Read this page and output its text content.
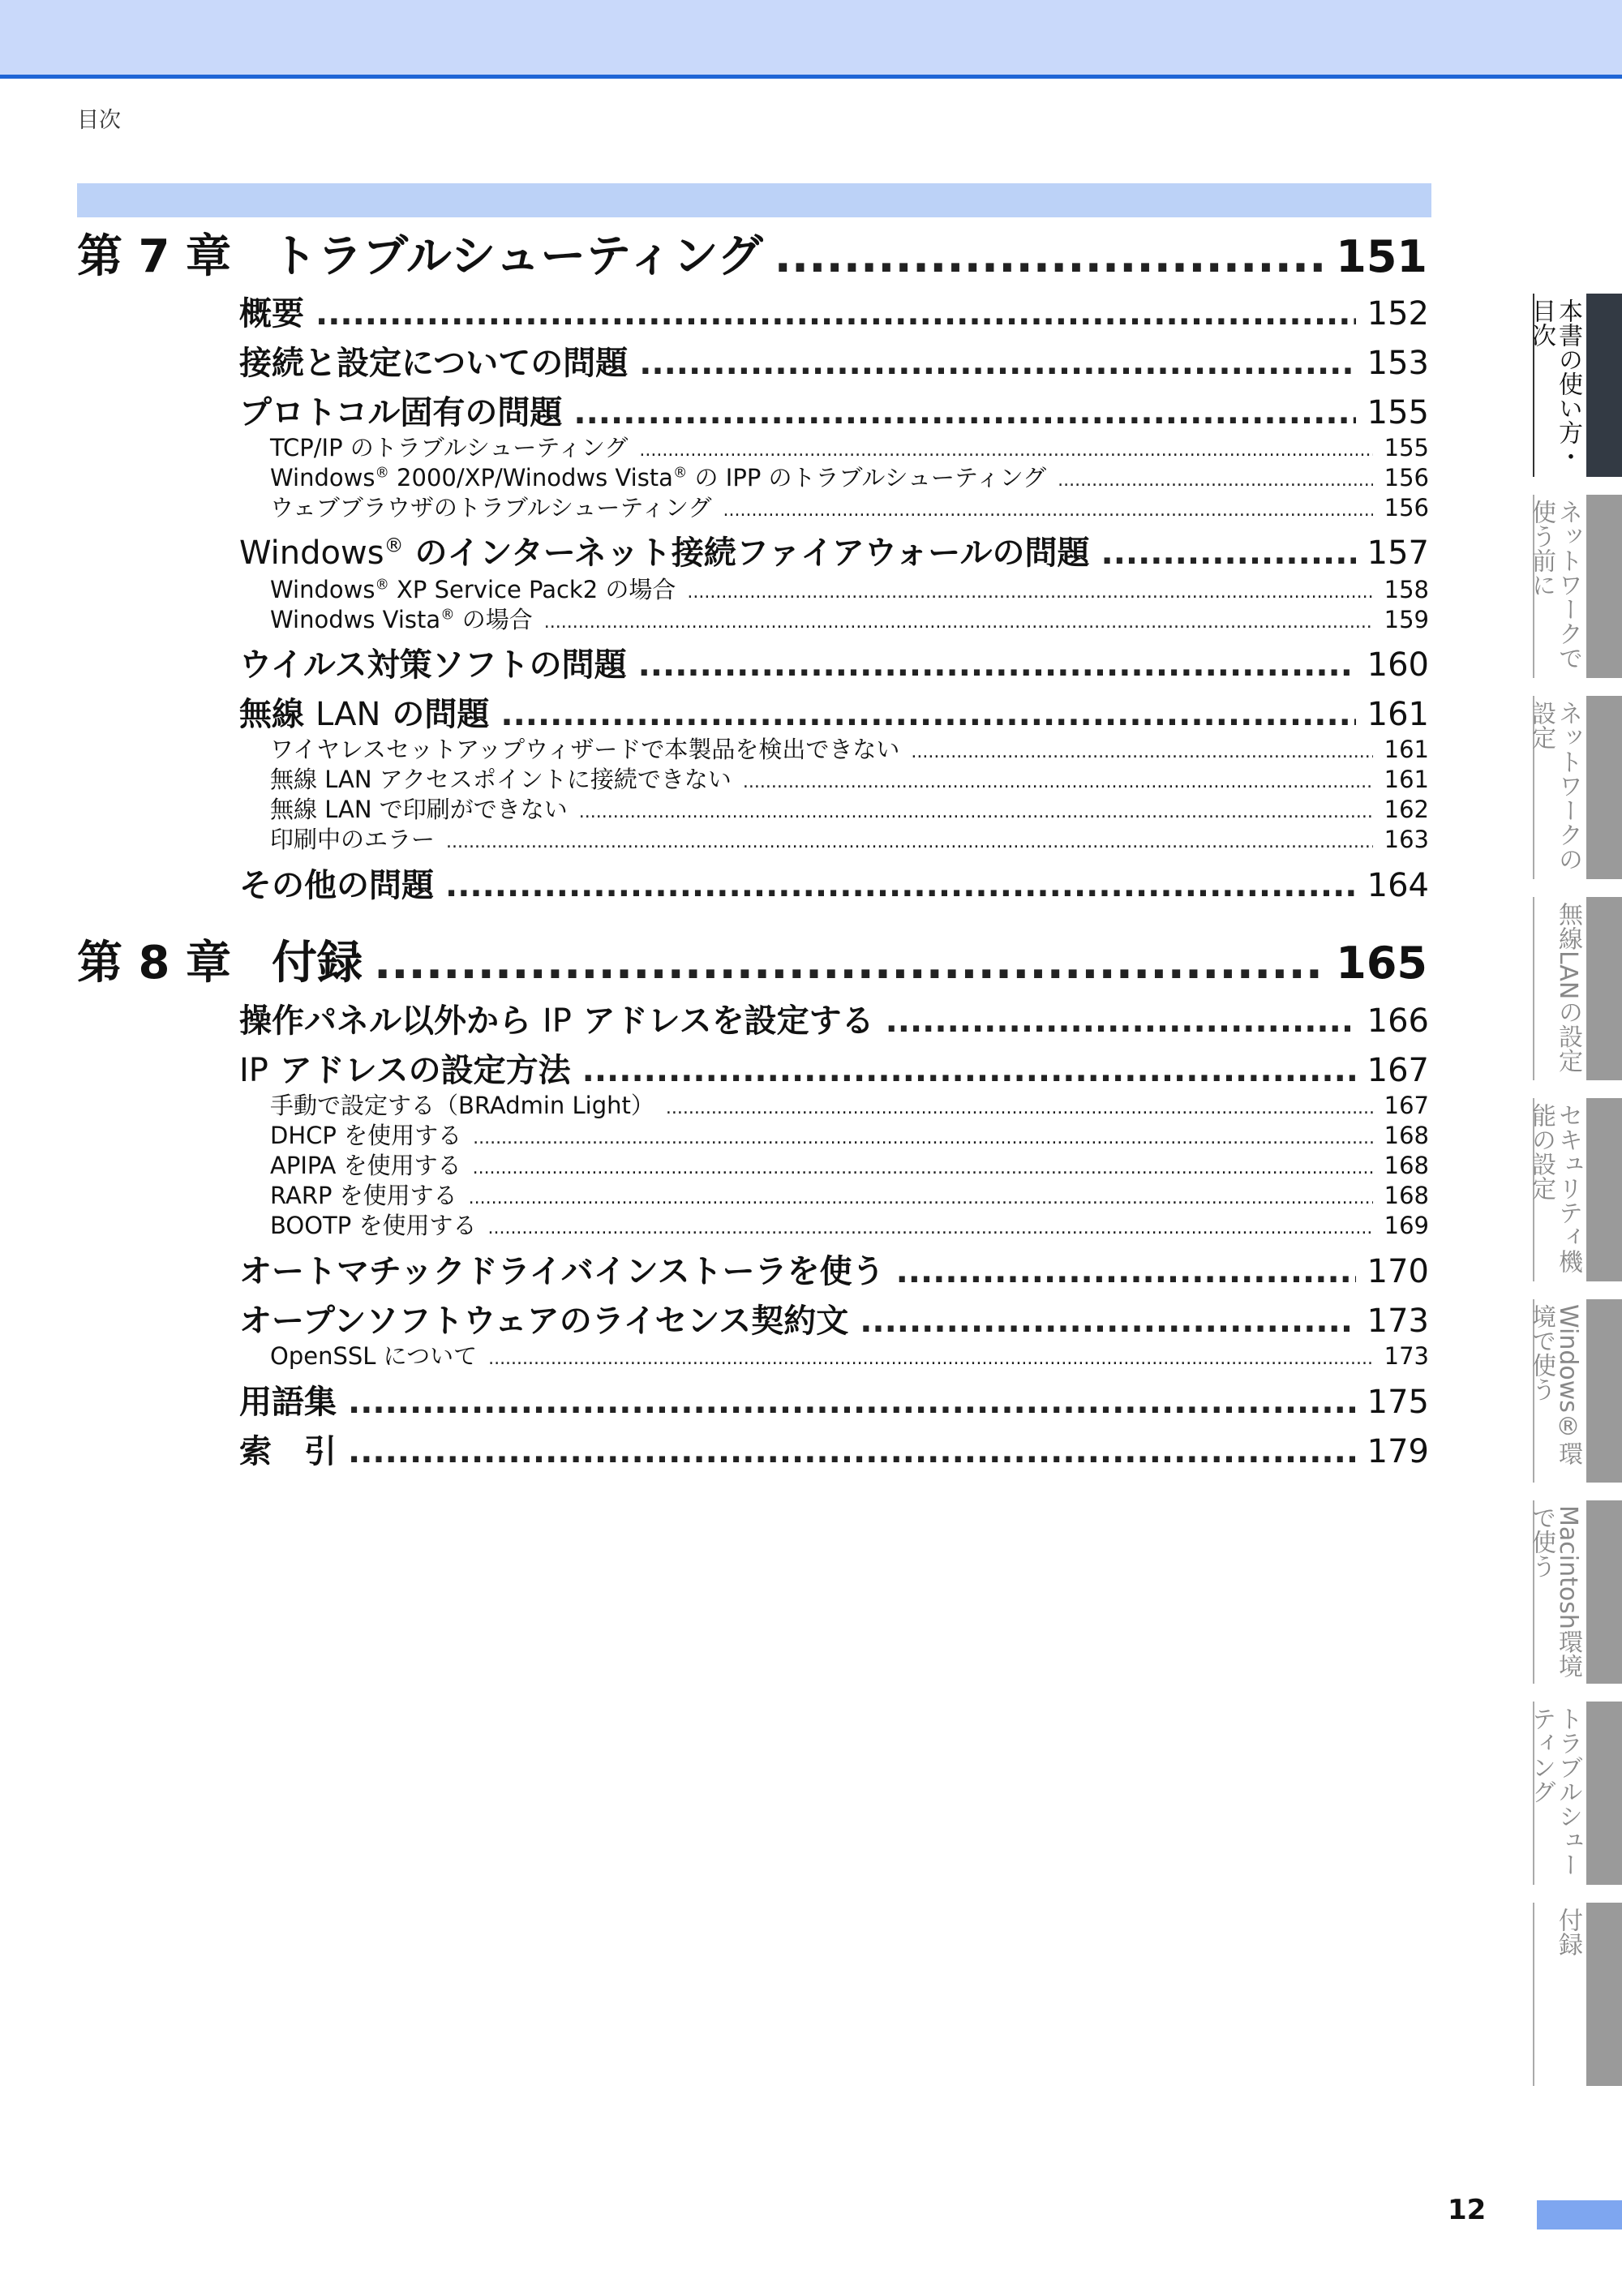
目次
第 7 章 トラブルシューティング .....	151
概要 .....	152
接続と設定についての問題 .....	153
プロトコル固有の問題 .....	155
TCP/IP のトラブルシューティング .....	155
Windows® 2000/XP/Winodws Vista® の IPP のトラブルシューティング .....	156
ウェブブラウザのトラブルシューティング .....	156
Windows® のインターネット接続ファイアウォールの問題 .....	157
Windows® XP Service Pack2 の場合 .....	158
Winodws Vista® の場合 .....	159
ウイルス対策ソフトの問題 .....	160
無線 LAN の問題 .....	161
ワイヤレスセットアップウィザードで本製品を検出できない .....	161
無線 LAN アクセスポイントに接続できない .....	161
無線 LAN で印刷ができない .....	162
印刷中のエラー .....	163
その他の問題 .....	164
第 8 章 付録 .....	165
操作パネル以外から IP アドレスを設定する .....	166
IP アドレスの設定方法 .....	167
手動で設定する（BRAdmin Light） .....	167
DHCP を使用する .....	168
APIPA を使用する .....	168
RARP を使用する .....	168
BOOTP を使用する .....	169
オートマチックドライバインストーラを使う .....	170
オープンソフトウェアのライセンス契約文 .....	173
OpenSSL について .....	173
用語集 .....	175
索　引 .....	179
本書の使い方・目次
ネットワークで使う前に
ネットワークの設定
無線LANの設定
セキュリティ機能の設定
Windows®環境で使う
Macintosh環境で使う
トラブルシューティング
付録
12
